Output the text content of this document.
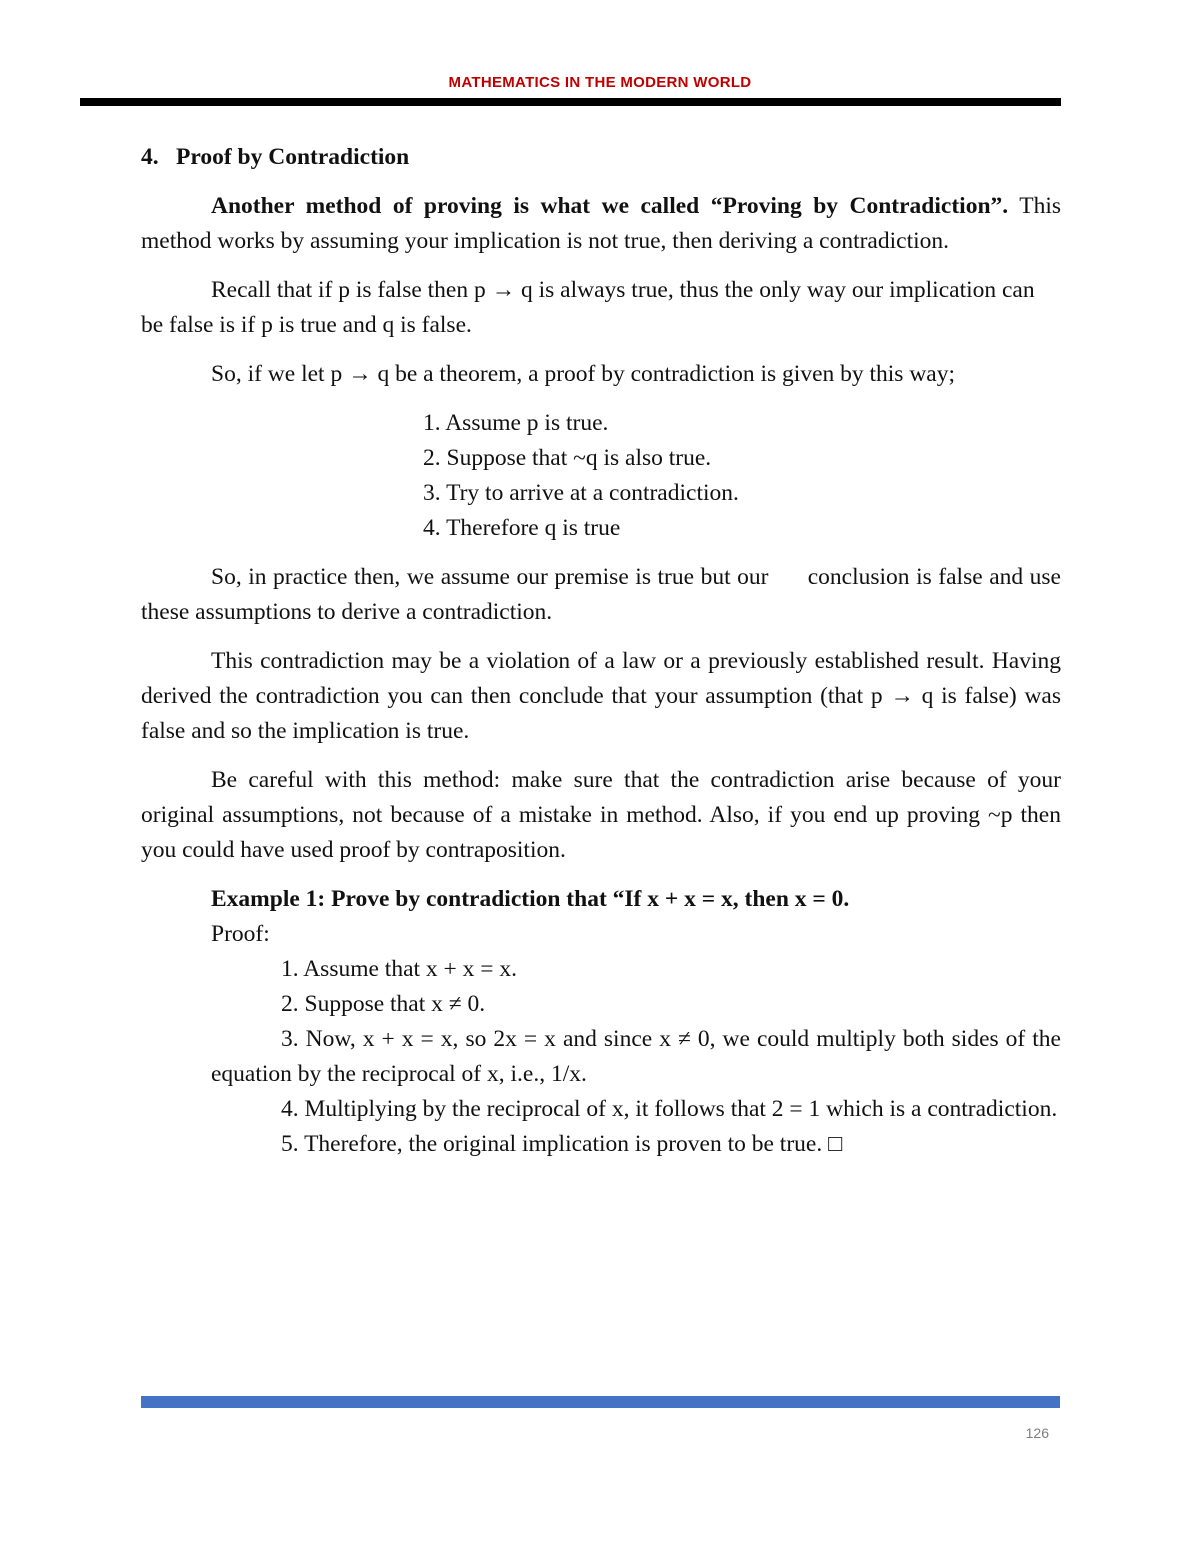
MATHEMATICS IN THE MODERN WORLD
4. Proof by Contradiction

Another method of proving is what we called “Proving by Contradiction”. This method works by assuming your implication is not true, then deriving a contradiction.

Recall that if p is false then p → q is always true, thus the only way our implication can be false is if p is true and q is false.

So, if we let p → q be a theorem, a proof by contradiction is given by this way;

1. Assume p is true.
2. Suppose that ~q is also true.
3. Try to arrive at a contradiction.
4. Therefore q is true

So, in practice then, we assume our premise is true but our      conclusion is false and use these assumptions to derive a contradiction.

This contradiction may be a violation of a law or a previously established result. Having derived the contradiction you can then conclude that your assumption (that p → q is false) was false and so the implication is true.

Be careful with this method: make sure that the contradiction arise because of your original assumptions, not because of a mistake in method. Also, if you end up proving ~p then you could have used proof by contraposition.

Example 1: Prove by contradiction that “If x + x = x, then x = 0.
Proof:
1. Assume that x + x = x.
2. Suppose that x ≠ 0.
3. Now, x + x = x, so 2x = x and since x ≠ 0, we could multiply both sides of the equation by the reciprocal of x, i.e., 1/x.
4. Multiplying by the reciprocal of x, it follows that 2 = 1 which is a contradiction.
5. Therefore, the original implication is proven to be true. □
126
